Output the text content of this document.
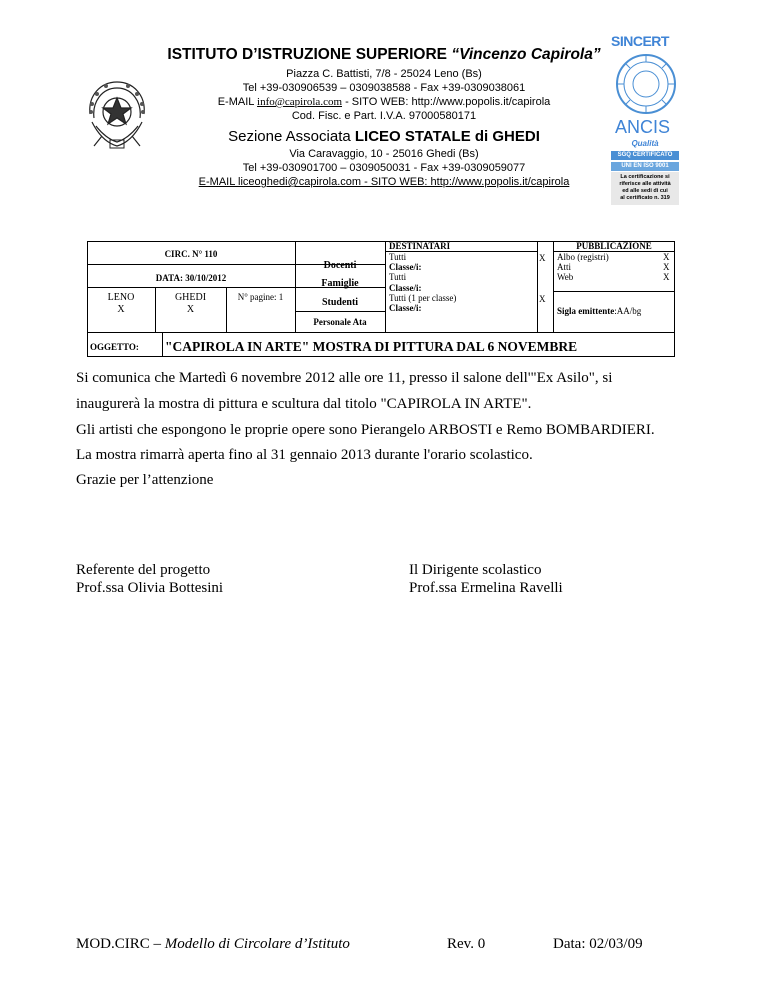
ISTITUTO D’ISTRUZIONE SUPERIORE “Vincenzo Capirola”
Piazza C. Battisti, 7/8 - 25024 Leno (Bs)
Tel +39-030906539 – 0309038588 - Fax +39-0309038061
E-MAIL info@capirola.com - SITO WEB: http://www.popolis.it/capirola
Cod. Fisc. e Part. I.V.A. 97000580171
Sezione Associata LICEO STATALE di GHEDI
Via Caravaggio, 10 - 25016 Ghedi (Bs)
Tel +39-030901700 – 0309050031 - Fax +39-0309059077
E-MAIL liceoghedi@capirola.com - SITO WEB: http://www.popolis.it/capirola
SINCERT
ANCIS
Qualità
SGQ CERTIFICATO
UNI EN ISO 9001
La certificazione si
riferisce alle attività
ed alle sedi di cui
al certificato n. 319
CIRC. N° 110
DATA: 30/10/2012
LENO
X
GHEDI
X
N° pagine: 1
Docenti
Famiglie
Studenti
Personale Ata
DESTINATARI
Tutti
Classe/i:
Tutti
Classe/i:
Tutti (1 per classe)
Classe/i:
X
X
PUBBLICAZIONE
Albo (registri)
Atti
Web
X
X
X
Sigla emittente:AA/bg
OGGETTO: "CAPIROLA IN ARTE" MOSTRA DI PITTURA DAL 6 NOVEMBRE
Si comunica che Martedì 6 novembre 2012 alle ore 11, presso il salone dell'"Ex Asilo", si
inaugurerà la mostra di pittura e scultura dal titolo "CAPIROLA IN ARTE".
Gli artisti che espongono le proprie opere sono Pierangelo ARBOSTI e Remo BOMBARDIERI.
La mostra rimarrà aperta fino al 31 gennaio 2013 durante l'orario scolastico.
Grazie per l’attenzione
Referente del progetto
Prof.ssa Olivia Bottesini
Il Dirigente scolastico
Prof.ssa Ermelina Ravelli
MOD.CIRC – Modello di Circolare d’Istituto	Rev. 0	Data: 02/03/09
